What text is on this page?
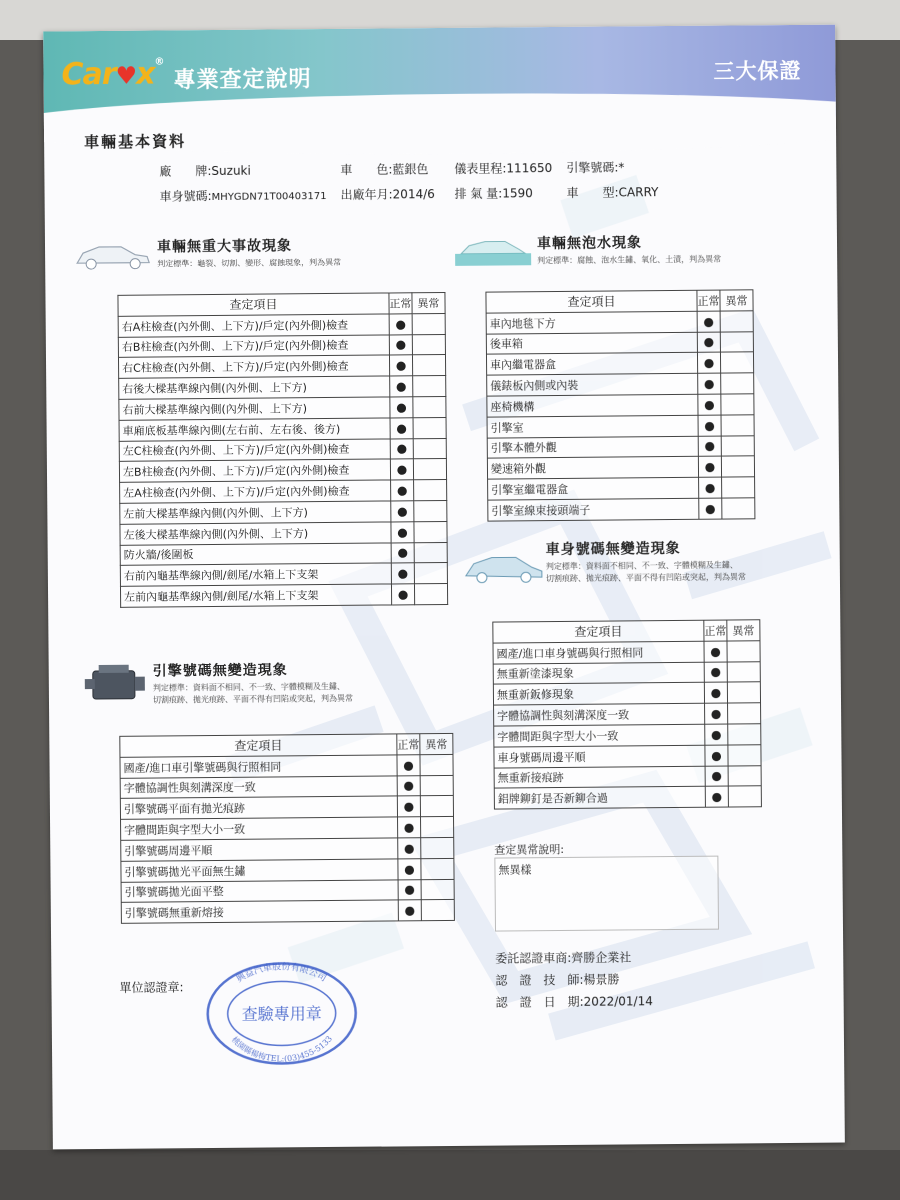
Car♥x®
專業查定說明	三大保證
車輛基本資料
廠　　牌:Suzuki	車　　色:藍銀色 儀表里程:111650 引擎號碼:*
車身號碼:MHYGDN71T00403171 出廠年月:2014/6 排 氣 量:1590	車　　型:CARRY
車輛無重大事故現象
判定標準：龜裂、切割、變形、腐蝕現象，判為異常
查定項目	正常	異常
右A柱檢查(內外側、上下方)/戶定(內外側)檢查	●	
右B柱檢查(內外側、上下方)/戶定(內外側)檢查	●	
右C柱檢查(內外側、上下方)/戶定(內外側)檢查	●	
右後大樑基準線內側(內外側、上下方)	●	
右前大樑基準線內側(內外側、上下方)	●	
車廂底板基準線內側(左右前、左右後、後方)	●	
左C柱檢查(內外側、上下方)/戶定(內外側)檢查	●	
左B柱檢查(內外側、上下方)/戶定(內外側)檢查	●	
左A柱檢查(內外側、上下方)/戶定(內外側)檢查	●	
左前大樑基準線內側(內外側、上下方)	●	
左後大樑基準線內側(內外側、上下方)	●	
防火牆/後圍板	●	
右前內龜基準線內側/劍尾/水箱上下支架	●	
左前內龜基準線內側/劍尾/水箱上下支架	●	
車輛無泡水現象
判定標準：腐蝕、泡水生鏽、氧化、土漬，判為異常
查定項目	正常	異常
車內地毯下方	●	
後車箱	●	
車內繼電器盒	●	
儀錶板內側或內裝	●	
座椅機構	●	
引擎室	●	
引擎本體外觀	●	
變速箱外觀	●	
引擎室繼電器盒	●	
引擎室線束接頭端子	●	
車身號碼無變造現象
判定標準：資料面不相同、不一致、字體模糊及生鏽、
切割痕跡、拋光痕跡、平面不得有凹陷或突起，判為異常
查定項目	正常	異常
國產/進口車身號碼與行照相同	●	
無重新塗漆現象	●	
無重新鈑修現象	●	
字體協調性與刻溝深度一致	●	
字體間距與字型大小一致	●	
車身號碼周邊平順	●	
無重新接痕跡	●	
鋁牌鉚釘是否新鉚合過	●	
引擎號碼無變造現象
判定標準：資料面不相同、不一致、字體模糊及生鏽、
切割痕跡、拋光痕跡、平面不得有凹陷或突起，判為異常
查定項目	正常	異常
國產/進口車引擎號碼與行照相同	●	
字體協調性與刻溝深度一致	●	
引擎號碼平面有拋光痕跡	●	
字體間距與字型大小一致	●	
引擎號碼周邊平順	●	
引擎號碼拋光平面無生鏽	●	
引擎號碼拋光面平整	●	
引擎號碼無重新熔接	●	
查定異常說明:
無異樣
委託認證車商:齊勝企業社
認　證　技　師:楊景勝
認　證　日　期:2022/01/14
單位認證章:
興益汽車股份有限公司
桃園縣楊梅TEL:(03)455-5133
查驗專用章
